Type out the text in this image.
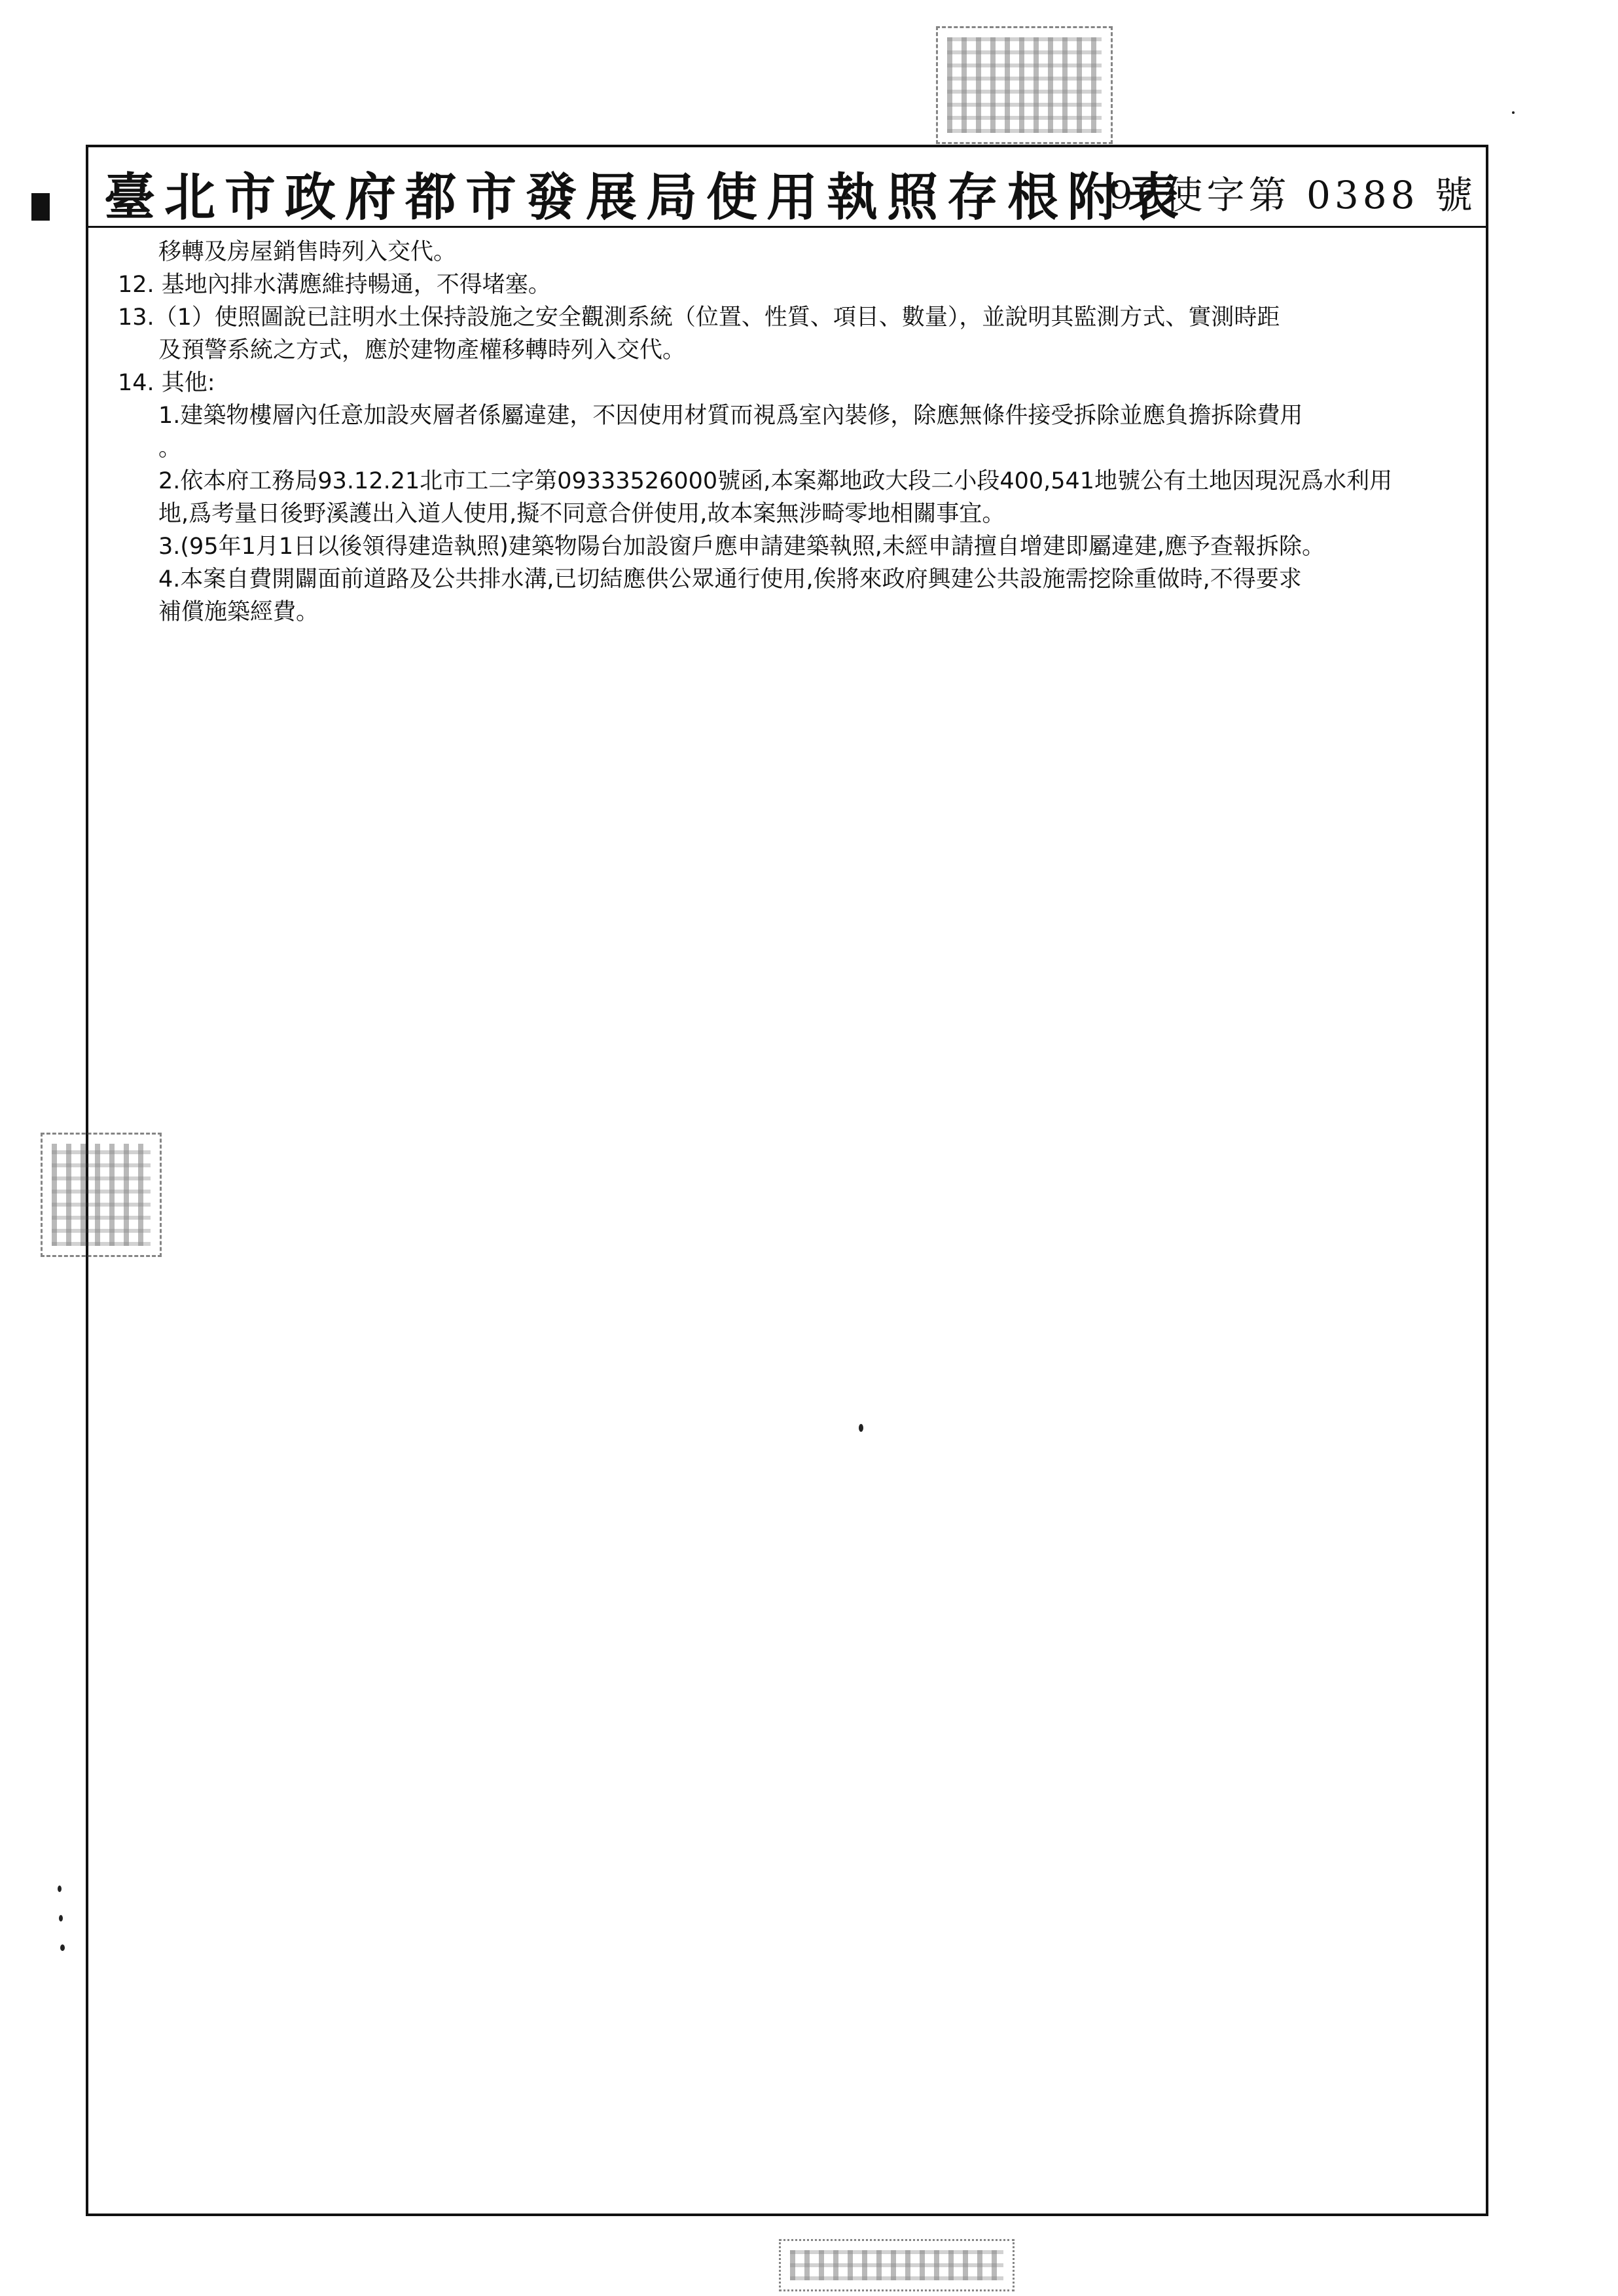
臺北市政府都市發展局使用執照存根附表
96使字第 0388 號
移轉及房屋銷售時列入交代。
12. 基地內排水溝應維持暢通，不得堵塞。
13.（1）使照圖說已註明水土保持設施之安全觀測系統（位置、性質、項目、數量），並說明其監測方式、實測時距
及預警系統之方式，應於建物產權移轉時列入交代。
14. 其他:
1.建築物樓層內任意加設夾層者係屬違建，不因使用材質而視爲室內裝修，除應無條件接受拆除並應負擔拆除費用
。
2.依本府工務局93.12.21北市工二字第09333526000號函,本案鄰地政大段二小段400,541地號公有土地因現況爲水利用
地,爲考量日後野溪護出入道人使用,擬不同意合併使用,故本案無涉畸零地相關事宜。
3.(95年1月1日以後領得建造執照)建築物陽台加設窗戶應申請建築執照,未經申請擅自增建即屬違建,應予查報拆除。
4.本案自費開闢面前道路及公共排水溝,已切結應供公眾通行使用,俟將來政府興建公共設施需挖除重做時,不得要求
補償施築經費。
